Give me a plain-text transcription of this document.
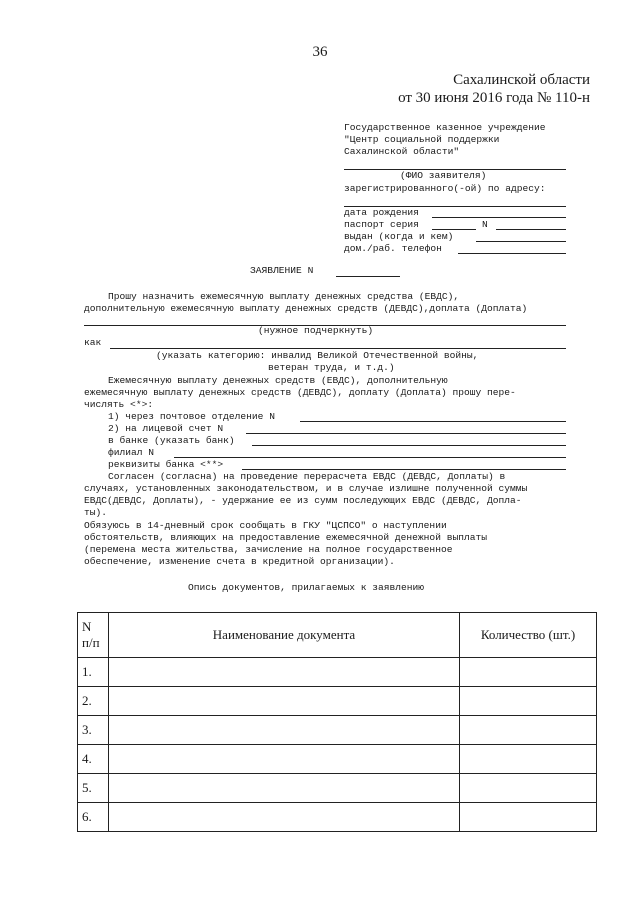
36
Сахалинской области
от 30 июня 2016 года № 110-н
Государственное казенное учреждение
"Центр социальной поддержки
Сахалинской области"
(ФИО заявителя)
зарегистрированного(-ой) по адресу:
дата рождения
паспорт серия	N
выдан (когда и кем)
дом./раб. телефон
ЗАЯВЛЕНИЕ N
Прошу назначить ежемесячную выплату денежных средства (ЕВДС),
дополнительную ежемесячную выплату денежных средств (ДЕВДС),доплата (Доплата)
(нужное подчеркнуть)
как
(указать категорию: инвалид Великой Отечественной войны,
ветеран труда, и т.д.)
Ежемесячную выплату денежных средств (ЕВДС), дополнительную
ежемесячную выплату денежных средств (ДЕВДС), доплату (Доплата) прошу пере-
числять <*>:
1) через почтовое отделение N
2) на лицевой счет N
в банке (указать банк)
филиал N
реквизиты банка <**>
Согласен (согласна) на проведение перерасчета ЕВДС (ДЕВДС, Доплаты) в
случаях, установленных законодательством, и в случае излишне полученной суммы
ЕВДС(ДЕВДС, Доплаты), - удержание ее из сумм последующих ЕВДС (ДЕВДС, Допла-
ты).
Обязуюсь в 14-дневный срок сообщать в ГКУ "ЦСПСО" о наступлении
обстоятельств, влияющих на предоставление ежемесячной денежной выплаты
(перемена места жительства, зачисление на полное государственное
обеспечение, изменение счета в кредитной организации).
Опись документов, прилагаемых к заявлению
N п/п	Наименование документа	Количество (шт.)
1.		
2.		
3.		
4.		
5.		
6.		
